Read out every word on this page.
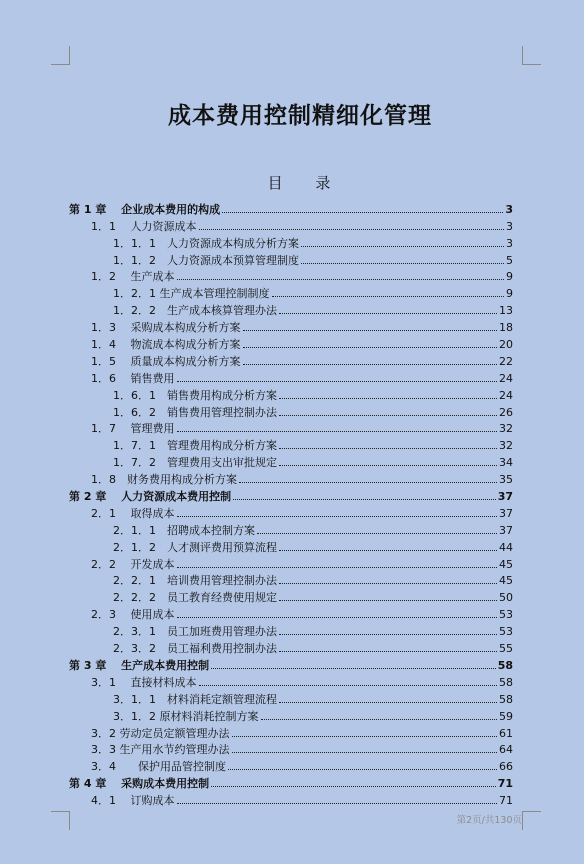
成本费用控制精细化管理
目 录
第 1 章　 企业成本费用的构成	3
1．1　 人力资源成本	3
1．1．1　人力资源成本构成分析方案	3
1．1．2　人力资源成本预算管理制度	5
1．2　 生产成本	9
1．2．1 生产成本管理控制制度	9
1．2．2　生产成本核算管理办法	13
1．3　 采购成本构成分析方案	18
1．4　 物流成本构成分析方案	20
1．5　 质量成本构成分析方案	22
1．6　 销售费用	24
1．6．1　销售费用构成分析方案	24
1．6．2　销售费用管理控制办法	26
1．7　 管理费用	32
1．7．1　管理费用构成分析方案	32
1．7．2　管理费用支出审批规定	34
1．8　财务费用构成分析方案	35
第 2 章　 人力资源成本费用控制	37
2．1　 取得成本	37
2．1．1　招聘成本控制方案	37
2．1．2　人才测评费用预算流程	44
2．2　 开发成本	45
2．2．1　培训费用管理控制办法	45
2．2．2　员工教育经费使用规定	50
2．3　 使用成本	53
2．3．1　员工加班费用管理办法	53
2．3．2　员工福利费用控制办法	55
第 3 章　 生产成本费用控制	58
3．1　 直接材料成本	58
3．1．1　材料消耗定额管理流程	58
3．1．2 原材料消耗控制方案	59
3．2 劳动定员定额管理办法	61
3．3 生产用水节约管理办法	64
3．4　　保护用品管控制度	66
第 4 章　 采购成本费用控制	71
4．1　 订购成本	71
第2页/共130页
